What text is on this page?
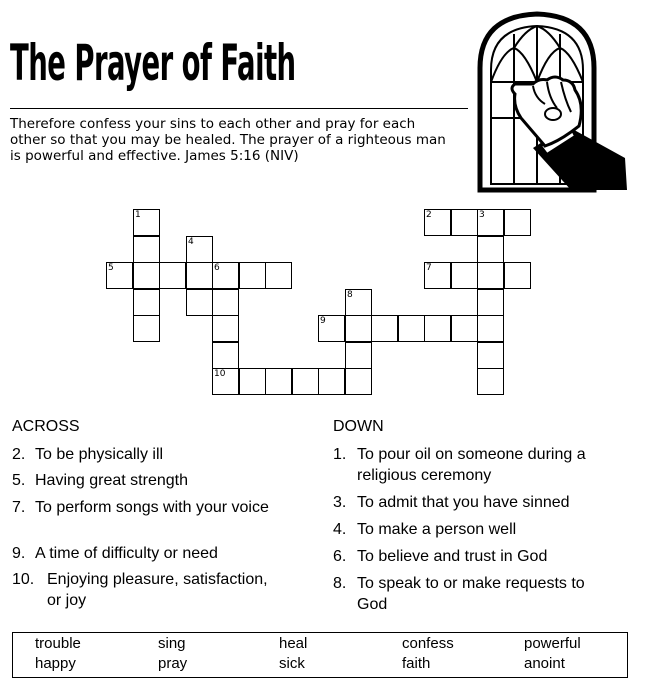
The Prayer of Faith
Therefore confess your sins to each other and pray for each other so that you may be healed. The prayer of a righteous man is powerful and effective. James 5:16 (NIV)
1
4
5	6
10
2	3
7
8
9
ACROSS	DOWN
2. To be physically ill
5. Having great strength
7. To perform songs with your voice
9. A time of difficulty or need
10. Enjoying pleasure, satisfaction,
or joy
1. To pour oil on someone during a
religious ceremony
3. To admit that you have sinned
4. To make a person well
6. To believe and trust in God
8. To speak to or make requests to
God
trouble	sing	heal	confess	powerful
happy	pray	sick	faith	anoint
